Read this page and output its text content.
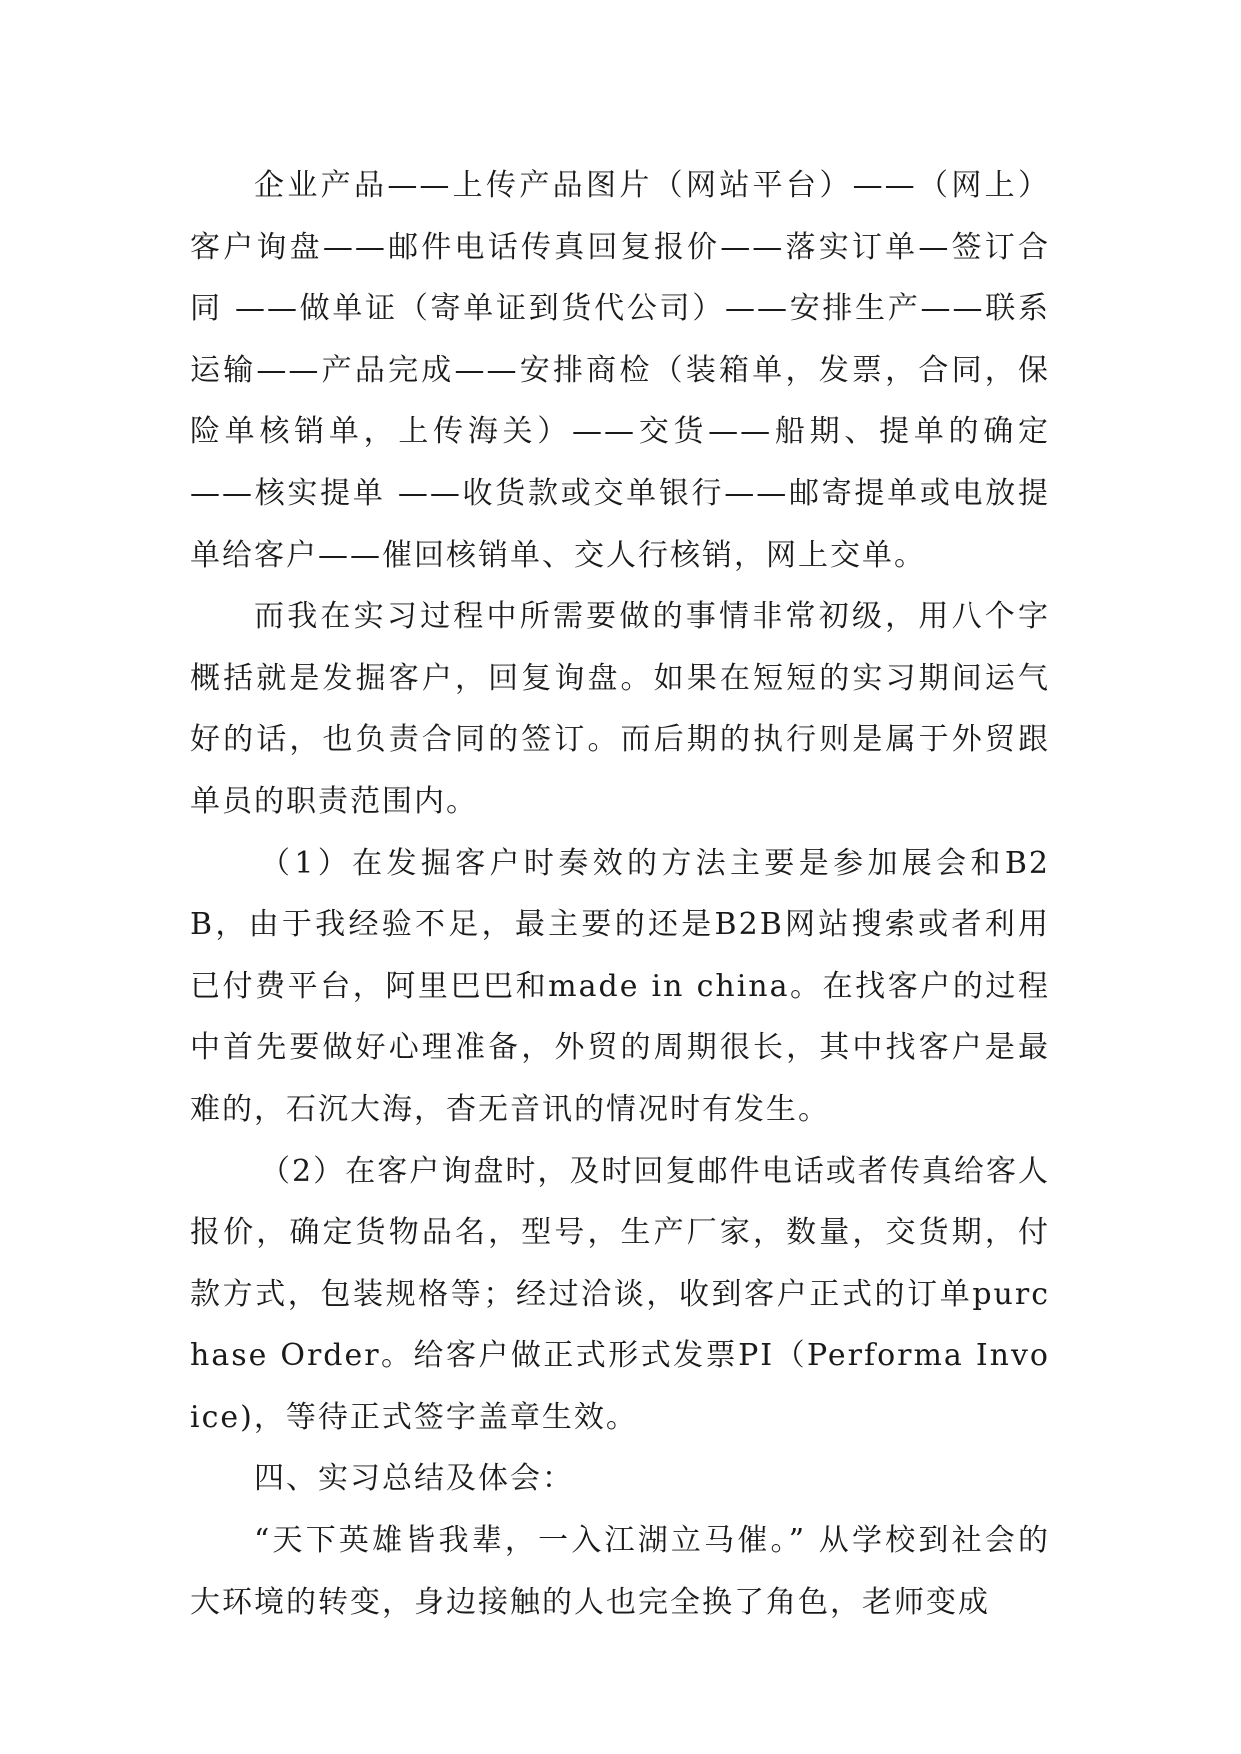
企业产品——上传产品图片（网站平台）——（网上）客户询盘——邮件电话传真回复报价——落实订单—签订合同 ——做单证（寄单证到货代公司）——安排生产——联系运输——产品完成——安排商检（装箱单，发票，合同，保险单核销单，上传海关）——交货——船期、提单的确定——核实提单 ——收货款或交单银行——邮寄提单或电放提单给客户——催回核销单、交人行核销，网上交单。

而我在实习过程中所需要做的事情非常初级，用八个字概括就是发掘客户，回复询盘。如果在短短的实习期间运气好的话，也负责合同的签订。而后期的执行则是属于外贸跟单员的职责范围内。

（1）在发掘客户时奏效的方法主要是参加展会和B2B，由于我经验不足，最主要的还是B2B网站搜索或者利用已付费平台，阿里巴巴和made in china。在找客户的过程中首先要做好心理准备，外贸的周期很长，其中找客户是最难的，石沉大海，杳无音讯的情况时有发生。

（2）在客户询盘时，及时回复邮件电话或者传真给客人报价，确定货物品名，型号，生产厂家，数量，交货期，付款方式，包装规格等；经过洽谈，收到客户正式的订单purchase Order。给客户做正式形式发票PI（Performa Invoice)，等待正式签字盖章生效。

四、实习总结及体会：

“天下英雄皆我辈，一入江湖立马催。” 从学校到社会的大环境的转变，身边接触的人也完全换了角色，老师变成
